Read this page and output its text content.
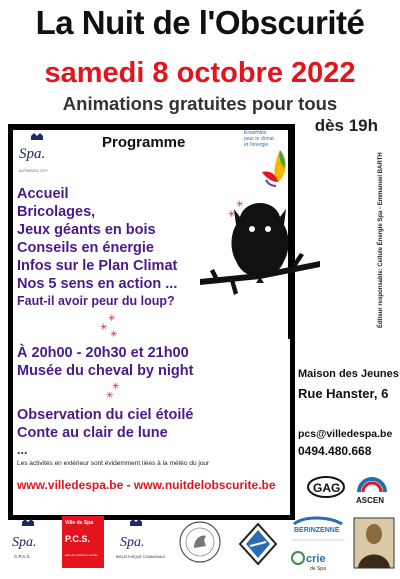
La Nuit de l'Obscurité
samedi 8 octobre 2022
Animations gratuites pour tous
dès 19h
Spa.
AUTHENTIC CITY
Programme
Ensemble pour le climat et l'énergie
Accueil
Bricolages,
Jeux géants en bois
Conseils en énergie
Infos sur le Plan Climat
Nos 5 sens en action ...
Faut-il avoir peur du loup?
✳
✳
✳
À 20h00 - 20h30 et 21h00
Musée du cheval by night
✳
✳
Observation du ciel étoilé
Conte au clair de lune
...
Les activités en extérieur sont évidemment liées à la météo du jour
www.villedespa.be - www.nuitdelobscurite.be
✳
✳	Éditeur responsable: Cellule Énergie Spa - Emmanuel BARTH
Maison des Jeunes
Rue Hanster, 6
pcs@villedespa.be
0494.480.668
GAG
ASCEN
Spa.
C.P.A.S.
Ville de Spa
P.C.S.
plan de cohésion sociale
Spa.
BIBLIOTHÈQUE COMMUNALE
BERINZENNE
crie
de Spa
